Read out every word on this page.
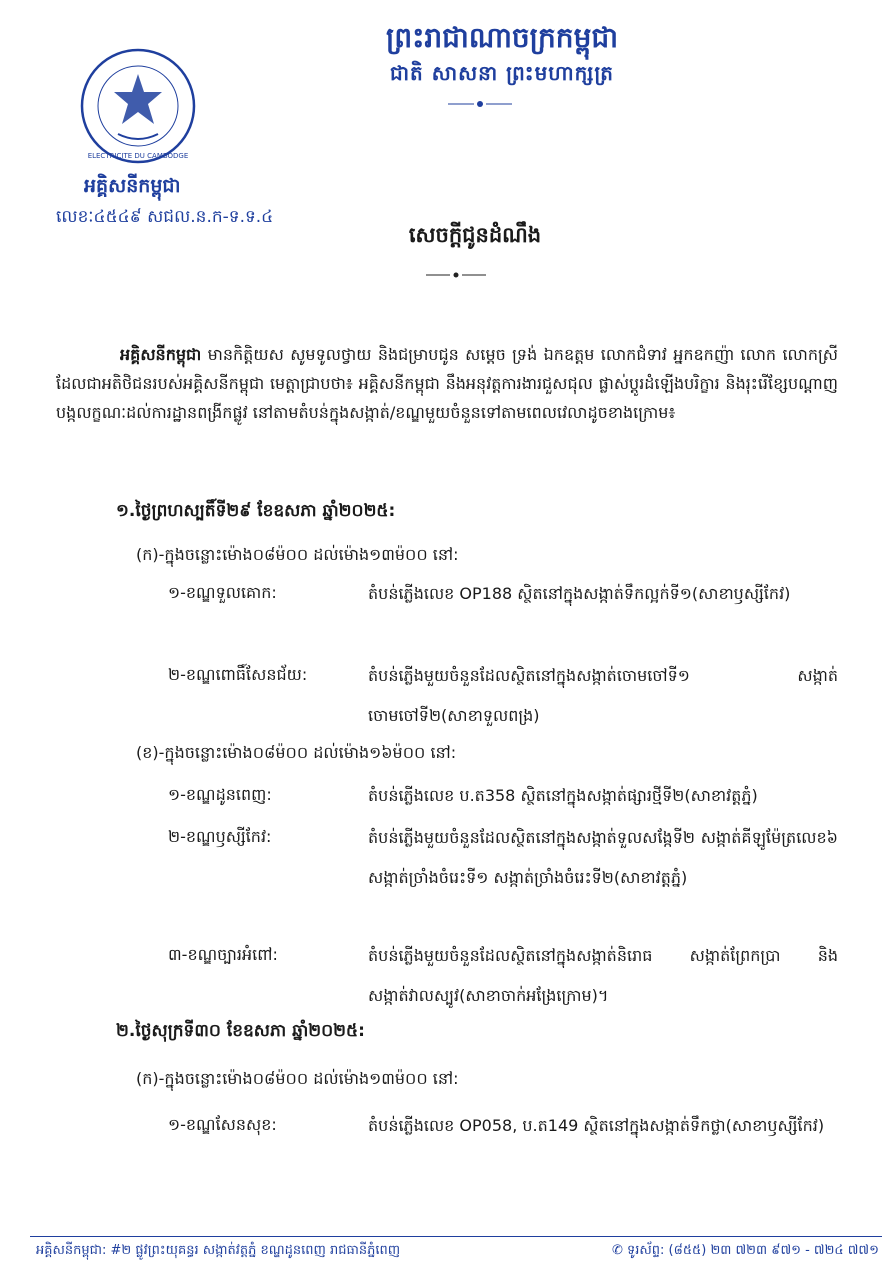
ELECTRICITE DU CAMBODGE
អគ្គិសនីកម្ពុជា
លេខៈ៤៥៤៩ សជល.ន.ក-ទ.ទ.៤
ព្រះរាជាណាចក្រកម្ពុជា
ជាតិ សាសនា ព្រះមហាក្សត្រ
សេចក្តីជូនដំណឹង
អគ្គិសនីកម្ពុជា មានកិត្តិយស សូមទូលថ្វាយ និងជម្រាបជូន សម្តេច ទ្រង់ ឯកឧត្តម លោកជំទាវ អ្នកឧកញ៉ា លោក លោកស្រី ដែលជាអតិថិជនរបស់អគ្គិសនីកម្ពុជា មេត្តាជ្រាបថា៖ អគ្គិសនីកម្ពុជា នឹងអនុវត្តការងារជួសជុល ផ្លាស់ប្តូរដំឡើងបរិក្ខារ និងរុះរើខ្សែបណ្តាញបង្កលក្ខណៈដល់ការដ្ឋានពង្រីកផ្លូវ នៅតាមតំបន់ក្នុងសង្កាត់/ខណ្ឌមួយចំនួនទៅតាមពេលវេលាដូចខាងក្រោម៖
១.ថ្ងៃព្រហស្បតិ៍ទី២៩ ខែឧសភា ឆ្នាំ២០២៥:
(ក)-ក្នុងចន្លោះម៉ោង០៨ម៉០០ ដល់ម៉ោង១៣ម៉០០ នៅ:
១-ខណ្ឌទួលគោក:	តំបន់ភ្លើងលេខ OP188 ស្ថិតនៅក្នុងសង្កាត់ទឹកល្អក់ទី១(សាខាឫស្សីកែវ)
២-ខណ្ឌពោធិ៍សែនជ័យ:	តំបន់ភ្លើងមួយចំនួនដែលស្ថិតនៅក្នុងសង្កាត់ចោមចៅទី១ សង្កាត់ចោមចៅទី២(សាខាទួលពង្រ)
(ខ)-ក្នុងចន្លោះម៉ោង០៨ម៉០០ ដល់ម៉ោង១៦ម៉០០ នៅ:
១-ខណ្ឌដូនពេញ:	តំបន់ភ្លើងលេខ ប.ត358 ស្ថិតនៅក្នុងសង្កាត់ផ្សារថ្មីទី២(សាខាវត្តភ្នំ)
២-ខណ្ឌឫស្សីកែវ:	តំបន់ភ្លើងមួយចំនួនដែលស្ថិតនៅក្នុងសង្កាត់ទួលសង្កែទី២ សង្កាត់គីឡូម៉ែត្រលេខ៦ សង្កាត់ច្រាំងចំរេះទី១ សង្កាត់ច្រាំងចំរេះទី២(សាខាវត្តភ្នំ)
៣-ខណ្ឌច្បារអំពៅ:	តំបន់ភ្លើងមួយចំនួនដែលស្ថិតនៅក្នុងសង្កាត់និរោធ សង្កាត់ព្រែកប្រា និងសង្កាត់វាលស្បូវ(សាខាចាក់អង្រែក្រោម)។
២.ថ្ងៃសុក្រទី៣០ ខែឧសភា ឆ្នាំ២០២៥:
(ក)-ក្នុងចន្លោះម៉ោង០៨ម៉០០ ដល់ម៉ោង១៣ម៉០០ នៅ:
១-ខណ្ឌសែនសុខ:	តំបន់ភ្លើងលេខ OP058, ប.ត149 ស្ថិតនៅក្នុងសង្កាត់ទឹកថ្លា(សាខាឫស្សីកែវ)
អគ្គិសនីកម្ពុជា: #២ ផ្លូវព្រះយុគន្ធរ សង្កាត់វត្តភ្នំ ខណ្ឌដូនពេញ រាជធានីភ្នំពេញ	✆ ទូរស័ព្ទ: (៨៥៥) ២៣ ៧២៣ ៩៧១ - ៧២៤ ៧៧១
